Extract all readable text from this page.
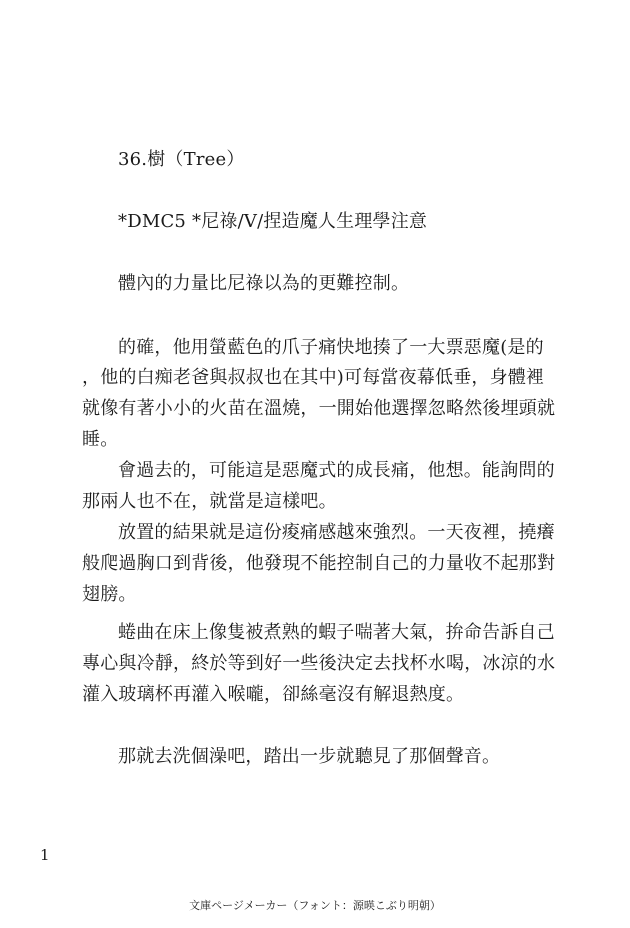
36.樹（Tree）
*DMC5 *尼祿/V/捏造魔人生理學注意
體內的力量比尼祿以為的更難控制。
的確，他用螢藍色的爪子痛快地揍了一大票惡魔(是的
，他的白痴老爸與叔叔也在其中)可每當夜幕低垂，身體裡
就像有著小小的火苗在溫燒，一開始他選擇忽略然後埋頭就
睡。
會過去的，可能這是惡魔式的成長痛，他想。能詢問的
那兩人也不在，就當是這樣吧。
放置的結果就是這份痠痛感越來強烈。一天夜裡，撓癢
般爬過胸口到背後，他發現不能控制自己的力量收不起那對
翅膀。
蜷曲在床上像隻被煮熟的蝦子喘著大氣，拚命告訴自己
專心與冷靜，終於等到好一些後決定去找杯水喝，冰涼的水
灌入玻璃杯再灌入喉嚨，卻絲毫沒有解退熱度。
那就去洗個澡吧，踏出一步就聽見了那個聲音。
1
文庫ページメーカー（フォント：源暎こぶり明朝）
